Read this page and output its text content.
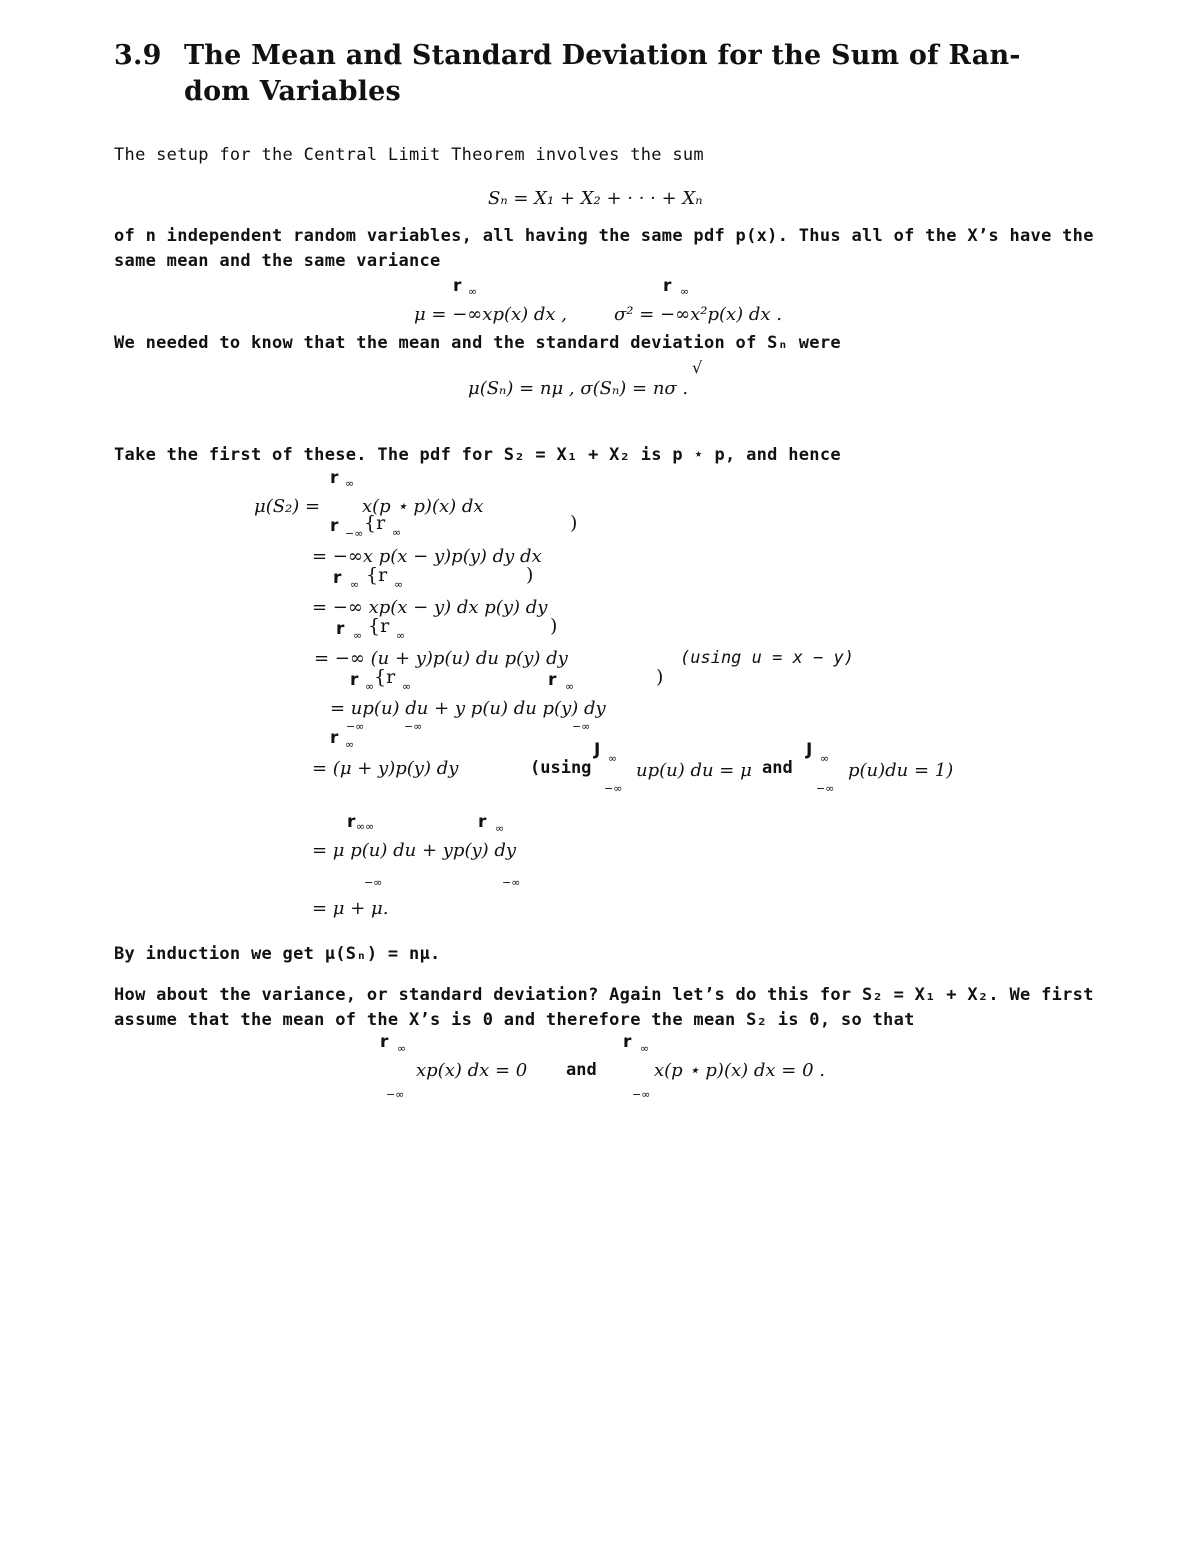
3.9 The Mean and Standard Deviation for the Sum of Ran- dom Variables
The setup for the Central Limit Theorem involves the sum
Sₙ = X₁ + X₂ + · · · + Xₙ
of n independent random variables, all having the same pdf p(x). Thus all of the X’s have the same mean and the same variance
r ∞	r ∞
μ = −∞xp(x) dx ,	σ² = −∞x²p(x) dx .
We needed to know that the mean and the standard deviation of Sₙ were
√
μ(Sₙ) = nμ , σ(Sₙ) = nσ .
Take the first of these. The pdf for S₂ = X₁ + X₂ is p ⋆ p, and hence
r ∞
μ(S₂) = x(p ⋆ p)(x) dx
r −∞ {r ∞	)
= −∞x p(x − y)p(y) dy dx
r ∞ {r ∞	)
= −∞ xp(x − y) dx p(y) dy
r ∞ {r ∞	)
= −∞ (u + y)p(u) du p(y) dy	(using u = x − y)
r ∞ {r ∞	r ∞	)
= up(u) du + y p(u) du p(y) dy
−∞	−∞	−∞
r ∞	J ∞	J ∞
= (μ + y)p(y) dy	(using up(u) du = μ and	p(u)du = 1)
−∞	−∞
r ∞∞	r ∞
= μ p(u) du + yp(y) dy
−∞	−∞
= μ + μ.
By induction we get μ(Sₙ) = nμ.
How about the variance, or standard deviation? Again let’s do this for S₂ = X₁ + X₂. We first assume that the mean of the X’s is 0 and therefore the mean S₂ is 0, so that
r ∞	r ∞
xp(x) dx = 0 and	x(p ⋆ p)(x) dx = 0 .
−∞	−∞
